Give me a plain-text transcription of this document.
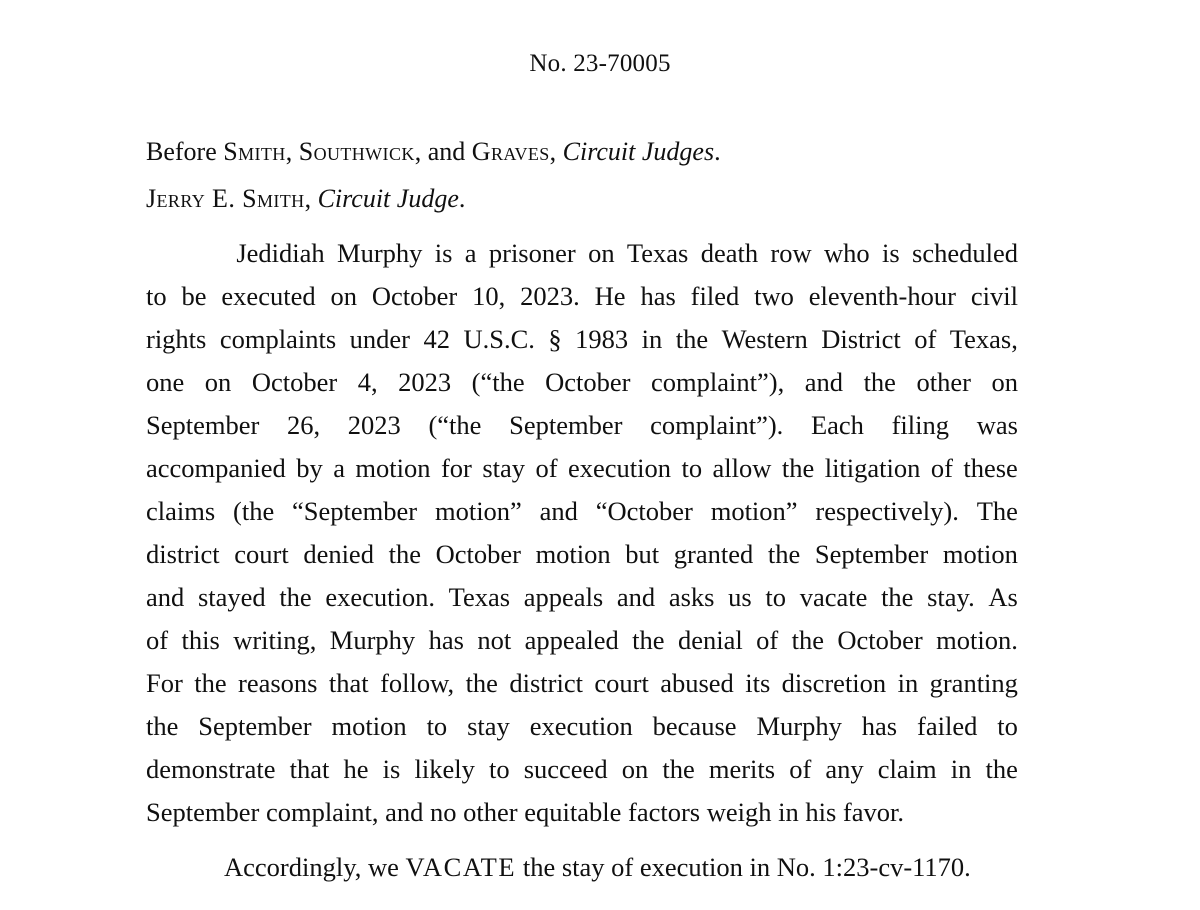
No. 23-70005
Before Smith, Southwick, and Graves, Circuit Judges.
Jerry E. Smith, Circuit Judge.
Jedidiah Murphy is a prisoner on Texas death row who is scheduled
to be executed on October 10, 2023. He has filed two eleventh-hour civil
rights complaints under 42 U.S.C. § 1983 in the Western District of Texas,
one on October 4, 2023 (“the October complaint”), and the other on
September 26, 2023 (“the September complaint”). Each filing was
accompanied by a motion for stay of execution to allow the litigation of these
claims (the “September motion” and “October motion” respectively). The
district court denied the October motion but granted the September motion
and stayed the execution. Texas appeals and asks us to vacate the stay. As
of this writing, Murphy has not appealed the denial of the October motion.
For the reasons that follow, the district court abused its discretion in granting
the September motion to stay execution because Murphy has failed to
demonstrate that he is likely to succeed on the merits of any claim in the
September complaint, and no other equitable factors weigh in his favor.
Accordingly, we VACATE the stay of execution in No. 1:23-cv-1170.
